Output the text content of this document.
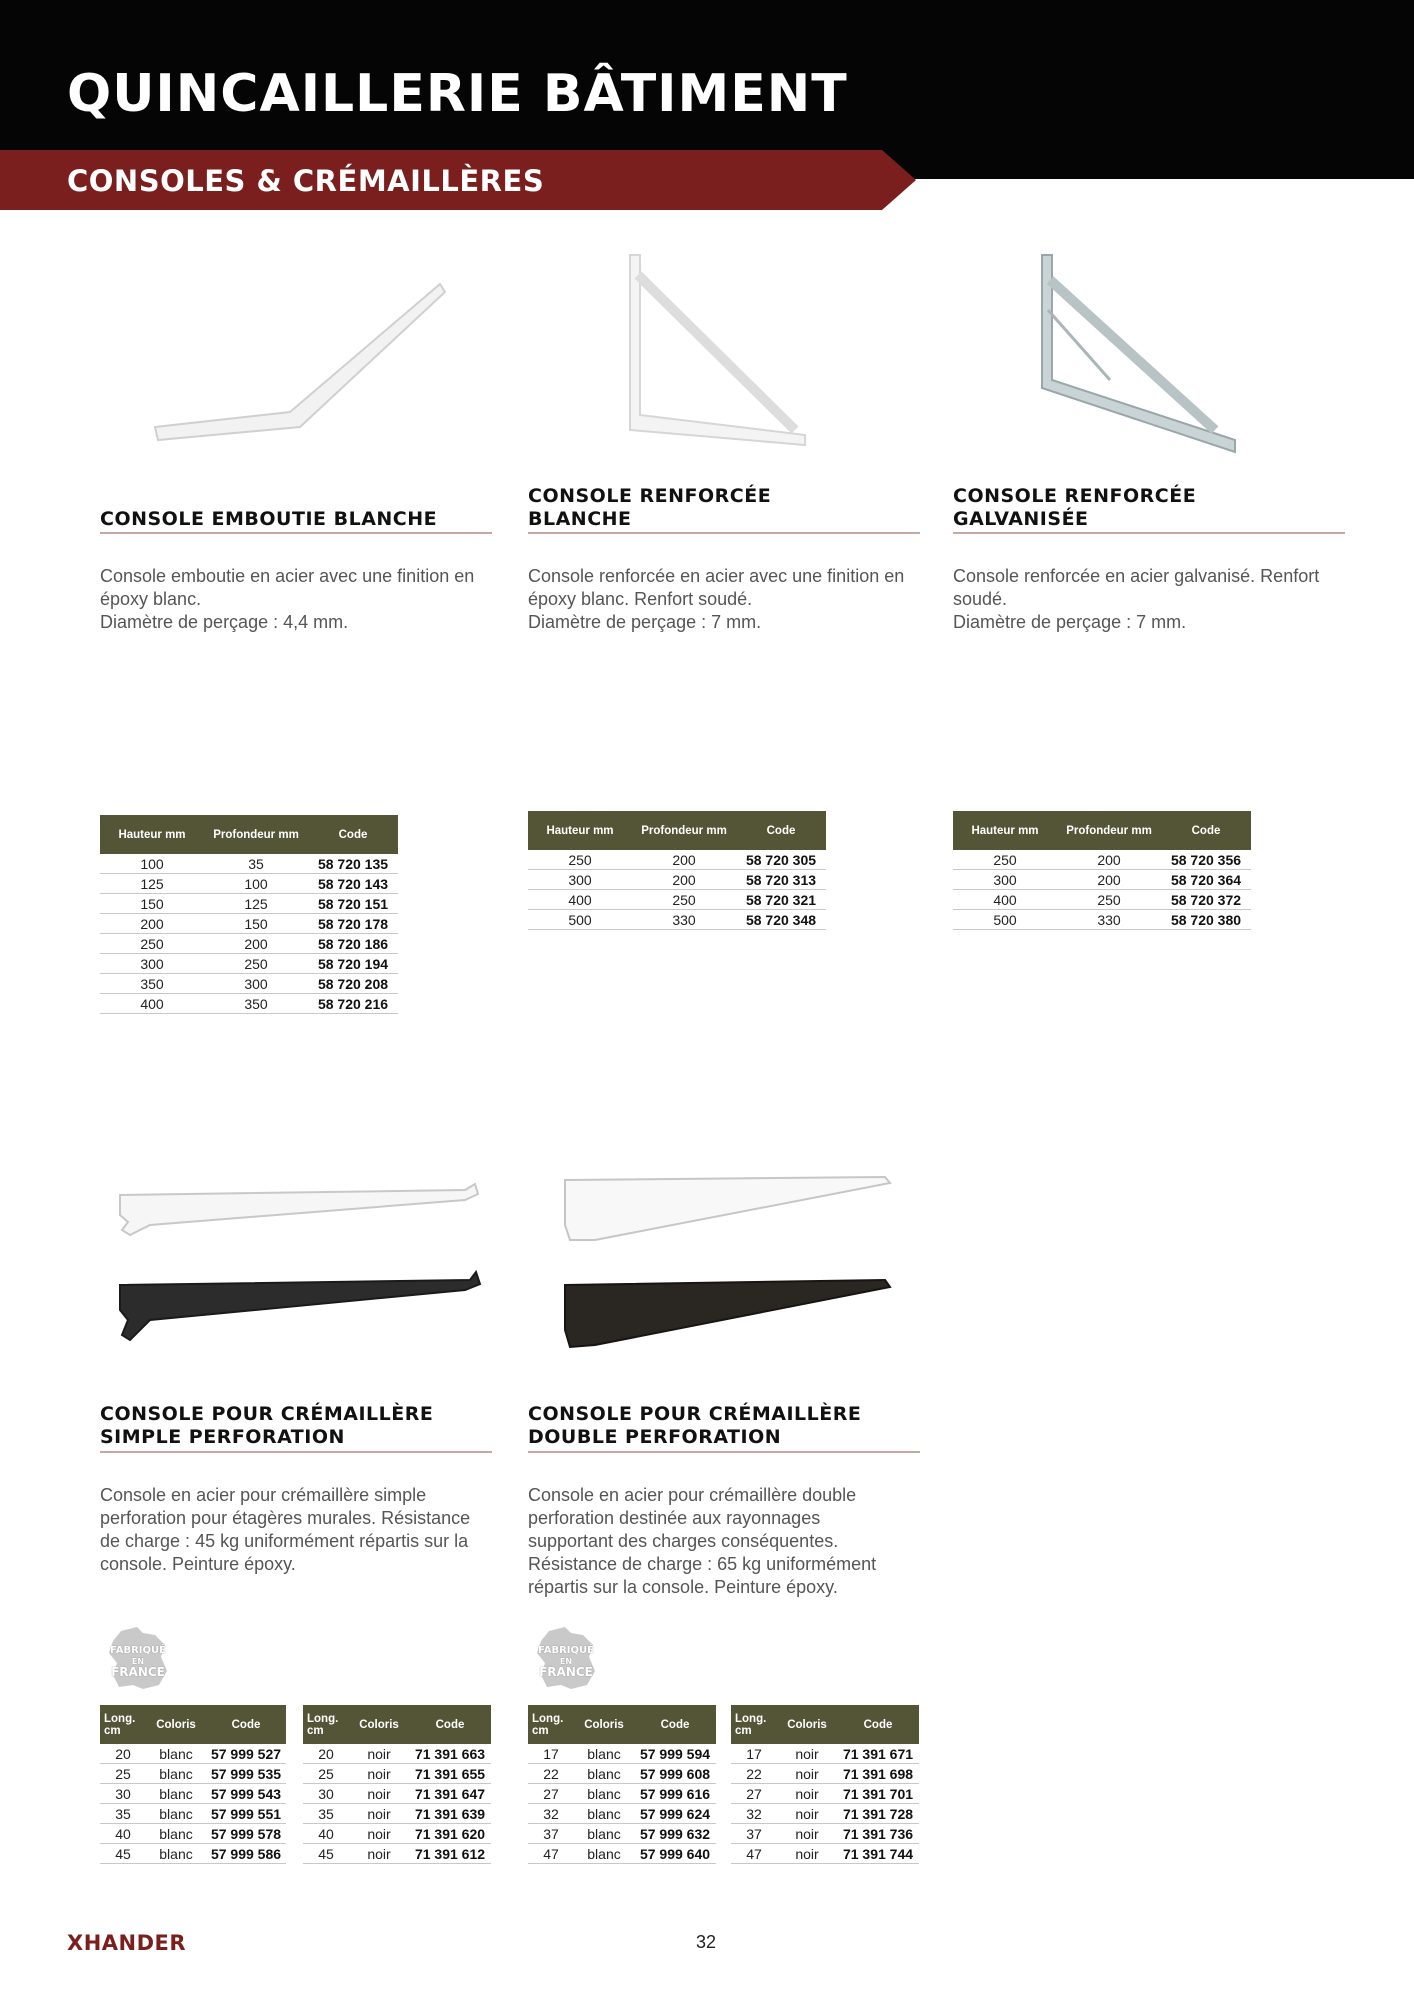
QUINCAILLERIE BÂTIMENT
CONSOLES & CRÉMAILLÈRES
CONSOLE EMBOUTIE BLANCHE
Console emboutie en acier avec une finition en
époxy blanc.
Diamètre de perçage : 4,4 mm.
CONSOLE RENFORCÉE
BLANCHE
Console renforcée en acier avec une finition en
époxy blanc. Renfort soudé.
Diamètre de perçage : 7 mm.
CONSOLE RENFORCÉE
GALVANISÉE
Console renforcée en acier galvanisé. Renfort
soudé.
Diamètre de perçage : 7 mm.
Hauteur mm	Profondeur mm	Code
100	35	58 720 135
125	100	58 720 143
150	125	58 720 151
200	150	58 720 178
250	200	58 720 186
300	250	58 720 194
350	300	58 720 208
400	350	58 720 216
Hauteur mm	Profondeur mm	Code
250	200	58 720 305
300	200	58 720 313
400	250	58 720 321
500	330	58 720 348
Hauteur mm	Profondeur mm	Code
250	200	58 720 356
300	200	58 720 364
400	250	58 720 372
500	330	58 720 380
CONSOLE POUR CRÉMAILLÈRE
SIMPLE PERFORATION
Console en acier pour crémaillère simple
perforation pour étagères murales. Résistance
de charge : 45 kg uniformément répartis sur la
console. Peinture époxy.
CONSOLE POUR CRÉMAILLÈRE
DOUBLE PERFORATION
Console en acier pour crémaillère double
perforation destinée aux rayonnages
supportant des charges conséquentes.
Résistance de charge : 65 kg uniformément
répartis sur la console. Peinture époxy.
FABRIQUÉ
EN
FRANCE
FABRIQUÉ
EN
FRANCE
Long. cm	Coloris	Code
20	blanc	57 999 527
25	blanc	57 999 535
30	blanc	57 999 543
35	blanc	57 999 551
40	blanc	57 999 578
45	blanc	57 999 586
Long. cm	Coloris	Code
20	noir	71 391 663
25	noir	71 391 655
30	noir	71 391 647
35	noir	71 391 639
40	noir	71 391 620
45	noir	71 391 612
Long. cm	Coloris	Code
17	blanc	57 999 594
22	blanc	57 999 608
27	blanc	57 999 616
32	blanc	57 999 624
37	blanc	57 999 632
47	blanc	57 999 640
Long. cm	Coloris	Code
17	noir	71 391 671
22	noir	71 391 698
27	noir	71 391 701
32	noir	71 391 728
37	noir	71 391 736
47	noir	71 391 744
XHANDER	32
